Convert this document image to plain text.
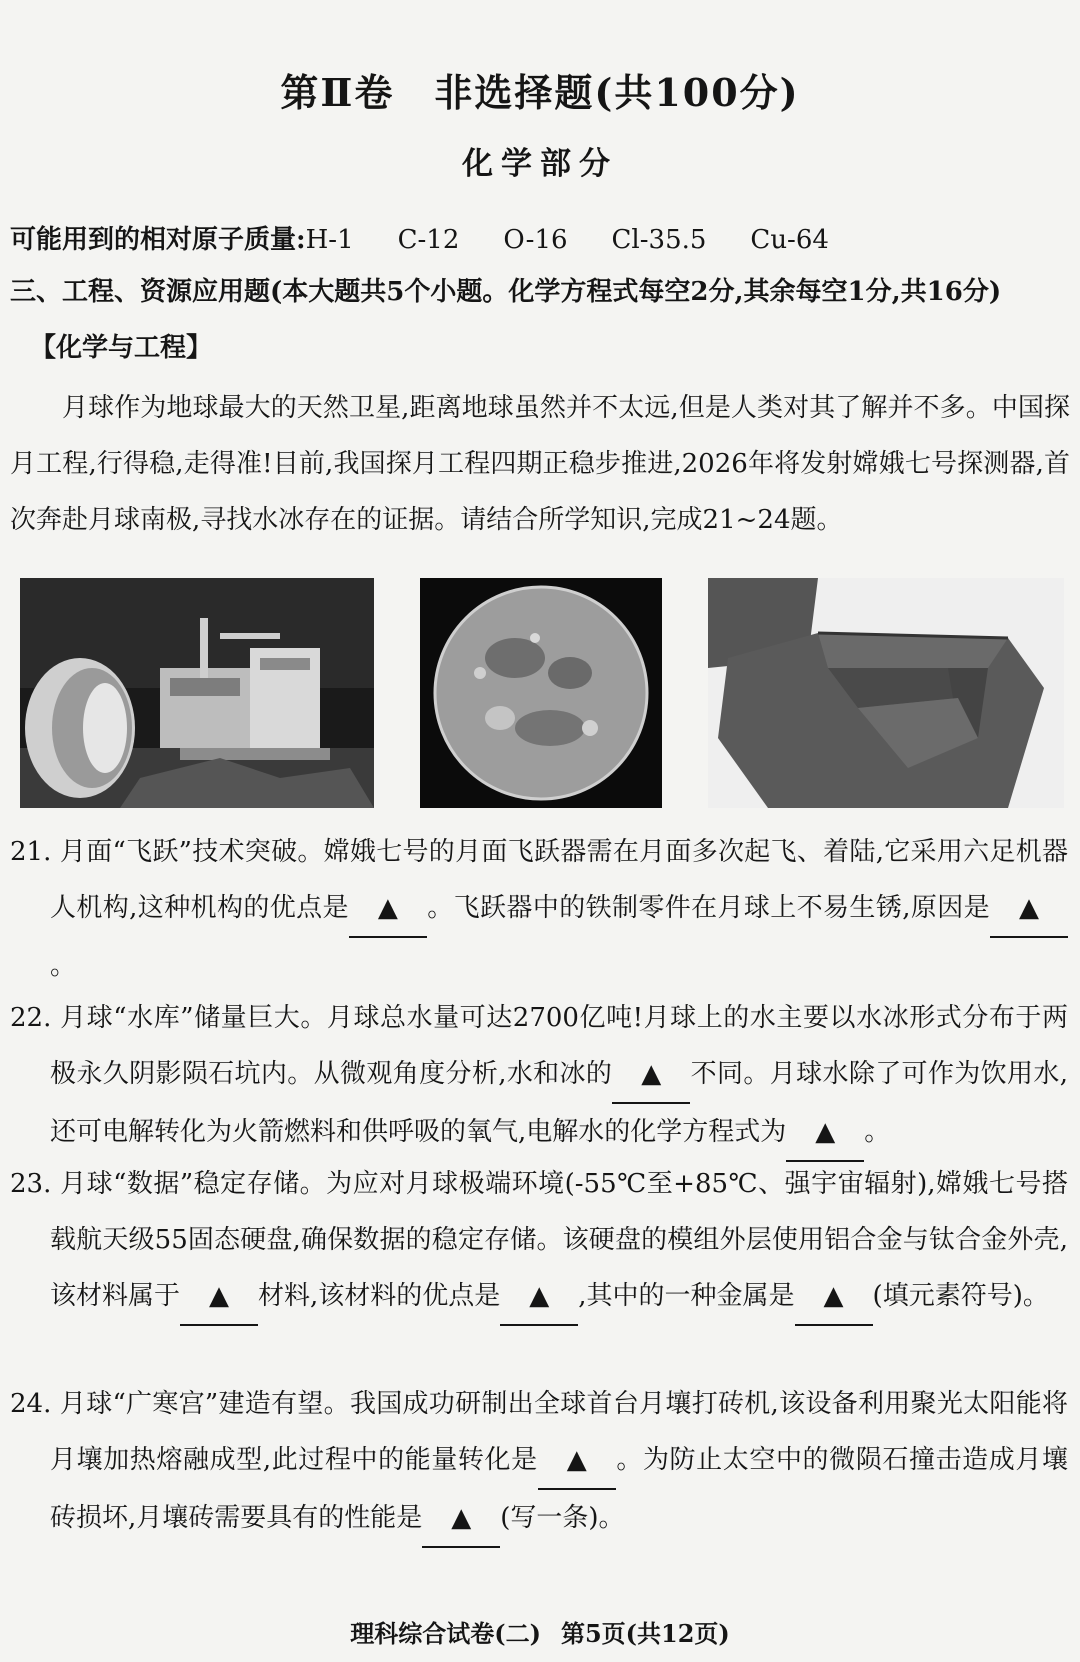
第Ⅱ卷　非选择题(共100分)
化学部分
可能用到的相对原子质量:H-1 C-12 O-16 Cl-35.5 Cu-64
三、工程、资源应用题(本大题共5个小题。化学方程式每空2分,其余每空1分,共16分)
【化学与工程】
月球作为地球最大的天然卫星,距离地球虽然并不太远,但是人类对其了解并不多。中国探月工程,行得稳,走得准!目前,我国探月工程四期正稳步推进,2026年将发射嫦娥七号探测器,首次奔赴月球南极,寻找水冰存在的证据。请结合所学知识,完成21~24题。
21. 月面“飞跃”技术突破。嫦娥七号的月面飞跃器需在月面多次起飞、着陆,它采用六足机器人机构,这种机构的优点是 ▲ 。飞跃器中的铁制零件在月球上不易生锈,原因是 ▲。
22. 月球“水库”储量巨大。月球总水量可达2700亿吨!月球上的水主要以水冰形式分布于两极永久阴影陨石坑内。从微观角度分析,水和冰的 ▲ 不同。月球水除了可作为饮用水,还可电解转化为火箭燃料和供呼吸的氧气,电解水的化学方程式为 ▲ 。
23. 月球“数据”稳定存储。为应对月球极端环境(-55℃至+85℃、强宇宙辐射),嫦娥七号搭载航天级55固态硬盘,确保数据的稳定存储。该硬盘的模组外层使用铝合金与钛合金外壳,该材料属于 ▲ 材料,该材料的优点是 ▲ ,其中的一种金属是 ▲ (填元素符号)。
24. 月球“广寒宫”建造有望。我国成功研制出全球首台月壤打砖机,该设备利用聚光太阳能将月壤加热熔融成型,此过程中的能量转化是 ▲ 。为防止太空中的微陨石撞击造成月壤砖损坏,月壤砖需要具有的性能是 ▲ (写一条)。
理科综合试卷(二) 第5页(共12页)
